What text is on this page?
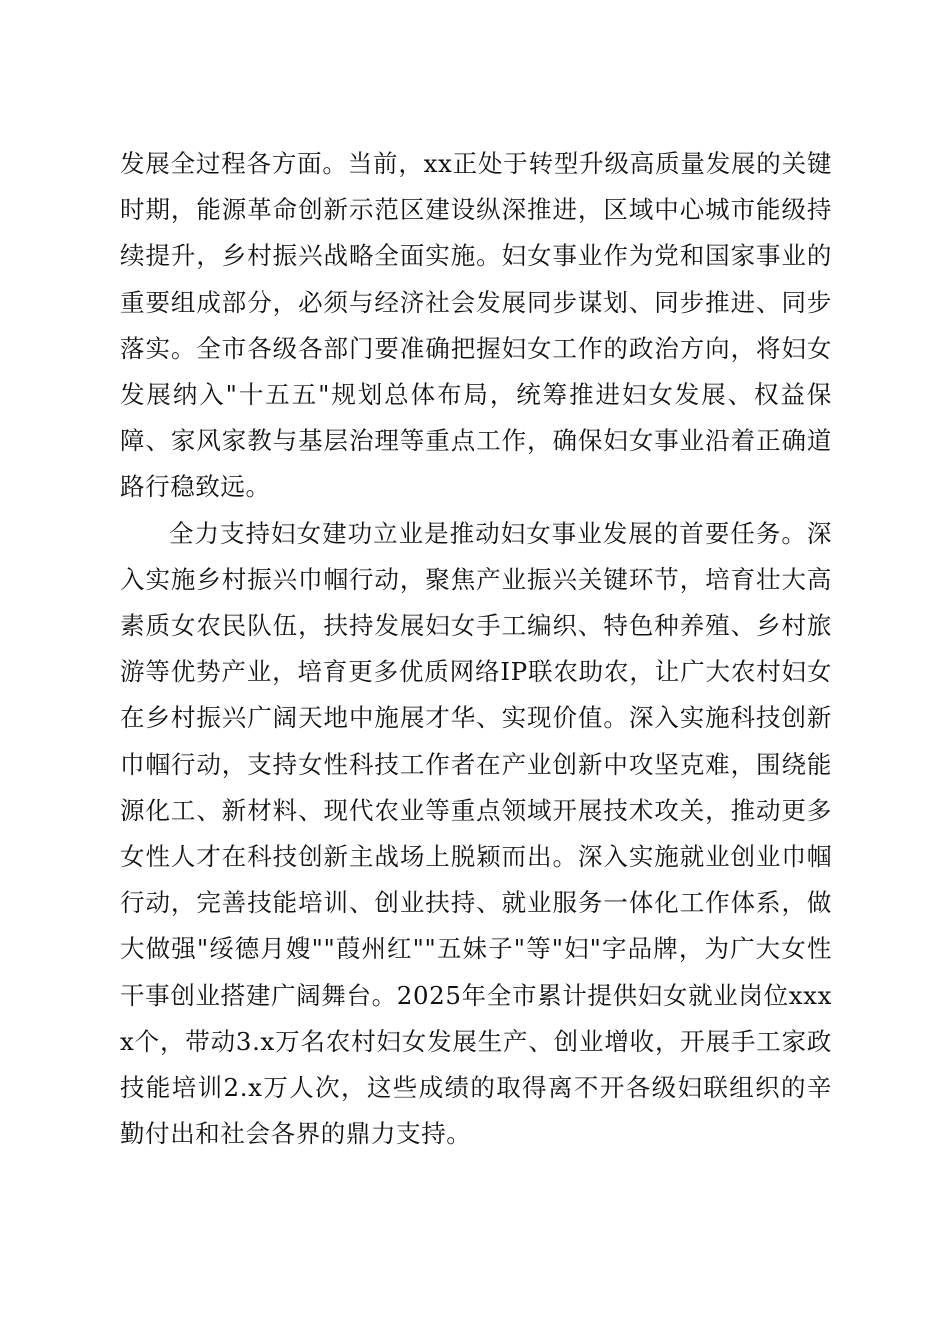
发展全过程各方面。当前，xx正处于转型升级高质量发展的关键时期，能源革命创新示范区建设纵深推进，区域中心城市能级持续提升，乡村振兴战略全面实施。妇女事业作为党和国家事业的重要组成部分，必须与经济社会发展同步谋划、同步推进、同步落实。全市各级各部门要准确把握妇女工作的政治方向，将妇女发展纳入"十五五"规划总体布局，统筹推进妇女发展、权益保障、家风家教与基层治理等重点工作，确保妇女事业沿着正确道路行稳致远。

全力支持妇女建功立业是推动妇女事业发展的首要任务。深入实施乡村振兴巾帼行动，聚焦产业振兴关键环节，培育壮大高素质女农民队伍，扶持发展妇女手工编织、特色种养殖、乡村旅游等优势产业，培育更多优质网络IP联农助农，让广大农村妇女在乡村振兴广阔天地中施展才华、实现价值。深入实施科技创新巾帼行动，支持女性科技工作者在产业创新中攻坚克难，围绕能源化工、新材料、现代农业等重点领域开展技术攻关，推动更多女性人才在科技创新主战场上脱颖而出。深入实施就业创业巾帼行动，完善技能培训、创业扶持、就业服务一体化工作体系，做大做强"绥德月嫂""葭州红""五妹子"等"妇"字品牌，为广大女性干事创业搭建广阔舞台。2025年全市累计提供妇女就业岗位xxxx个，带动3.x万名农村妇女发展生产、创业增收，开展手工家政技能培训2.x万人次，这些成绩的取得离不开各级妇联组织的辛勤付出和社会各界的鼎力支持。
